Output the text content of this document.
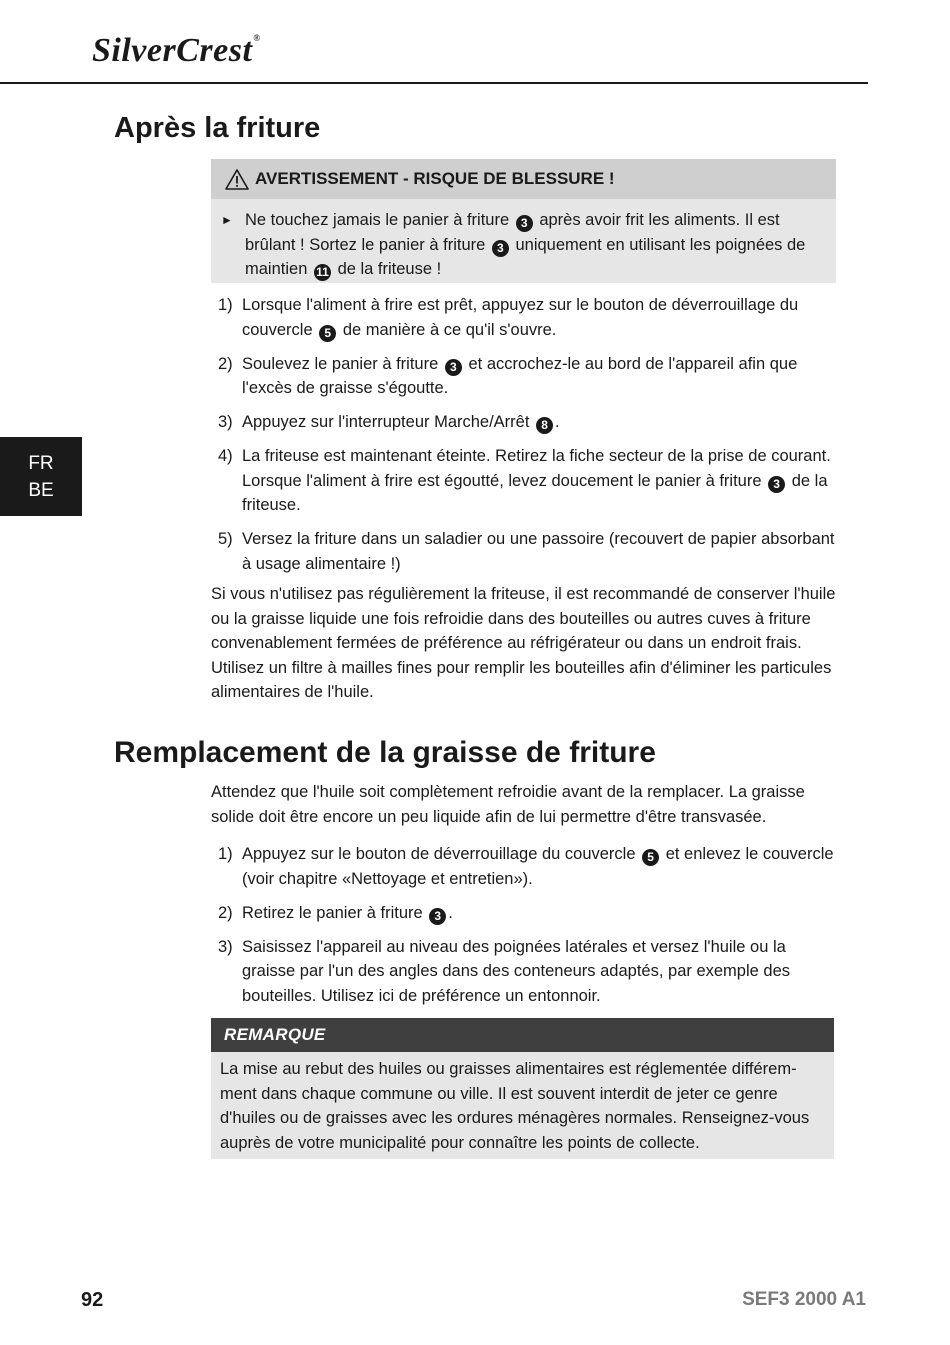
SilverCrest®
FR
BE
Après la friture
AVERTISSEMENT - RISQUE DE BLESSURE !
► Ne touchez jamais le panier à friture 3 après avoir frit les aliments. Il est brûlant ! Sortez le panier à friture 3 uniquement en utilisant les poignées de maintien 11 de la friteuse !
1) Lorsque l'aliment à frire est prêt, appuyez sur le bouton de déverrouillage du couvercle 5 de manière à ce qu'il s'ouvre.
2) Soulevez le panier à friture 3 et accrochez-le au bord de l'appareil afin que l'excès de graisse s'égoutte.
3) Appuyez sur l'interrupteur Marche/Arrêt 8 .
4) La friteuse est maintenant éteinte. Retirez la fiche secteur de la prise de courant. Lorsque l'aliment à frire est égoutté, levez doucement le panier à friture 3 de la friteuse.
5) Versez la friture dans un saladier ou une passoire (recouvert de papier absorbant à usage alimentaire !)

Si vous n'utilisez pas régulièrement la friteuse, il est recommandé de conserver l'huile ou la graisse liquide une fois refroidie dans des bouteilles ou autres cuves à friture convenablement fermées de préférence au réfrigérateur ou dans un endroit frais. Utilisez un filtre à mailles fines pour remplir les bouteilles afin d'éliminer les particules alimentaires de l'huile.

Remplacement de la graisse de friture

Attendez que l'huile soit complètement refroidie avant de la remplacer. La graisse solide doit être encore un peu liquide afin de lui permettre d'être transvasée.

1) Appuyez sur le bouton de déverrouillage du couvercle 5 et enlevez le couvercle (voir chapitre «Nettoyage et entretien»).
2) Retirez le panier à friture 3 .
3) Saisissez l'appareil au niveau des poignées latérales et versez l'huile ou la graisse par l'un des angles dans des conteneurs adaptés, par exemple des bouteilles. Utilisez ici de préférence un entonnoir.
REMARQUE
La mise au rebut des huiles ou graisses alimentaires est réglementée différem-ment dans chaque commune ou ville. Il est souvent interdit de jeter ce genre d'huiles ou de graisses avec les ordures ménagères normales. Renseignez-vous auprès de votre municipalité pour connaître les points de collecte.
92	SEF3 2000 A1
